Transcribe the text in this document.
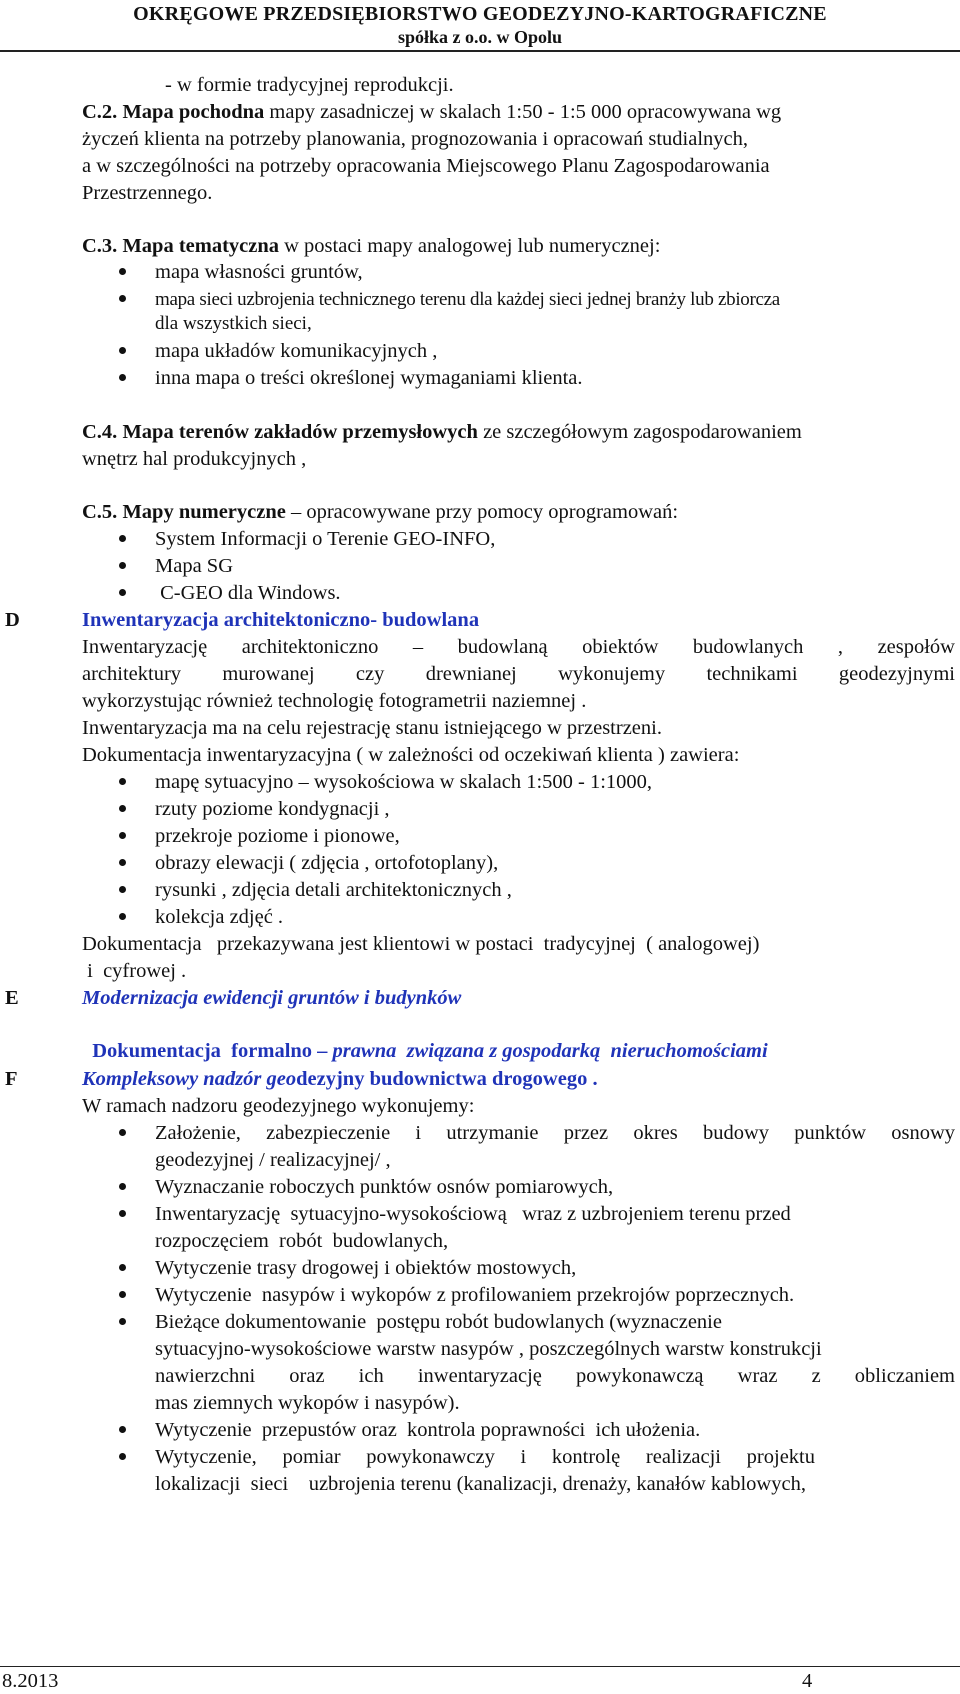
OKRĘGOWE PRZEDSIĘBIORSTWO GEODEZYJNO-KARTOGRAFICZNE
spółka z o.o. w Opolu
- w formie tradycyjnej reprodukcji.
C.2. Mapa pochodna mapy zasadniczej w skalach 1:50 - 1:5 000 opracowywana wg
życzeń klienta na potrzeby planowania, prognozowania i opracowań studialnych,
a w szczególności na potrzeby opracowania Miejscowego Planu Zagospodarowania
Przestrzennego.
C.3. Mapa tematyczna w postaci mapy analogowej lub numerycznej:
mapa własności gruntów,
mapa sieci uzbrojenia technicznego terenu dla każdej sieci jednej branży lub zbiorcza
dla wszystkich sieci,
mapa układów komunikacyjnych ,
inna mapa o treści określonej wymaganiami klienta.
C.4. Mapa terenów zakładów przemysłowych ze szczegółowym zagospodarowaniem
wnętrz hal produkcyjnych ,
C.5. Mapy numeryczne – opracowywane przy pomocy oprogramowań:
System Informacji o Terenie GEO-INFO,
Mapa SG
C-GEO dla Windows.
D	Inwentaryzacja architektoniczno- budowlana
Inwentaryzację architektoniczno – budowlaną obiektów budowlanych , zespołów
architektury murowanej czy drewnianej wykonujemy technikami geodezyjnymi
wykorzystując również technologię fotogrametrii naziemnej .
Inwentaryzacja ma na celu rejestrację stanu istniejącego w przestrzeni.
Dokumentacja inwentaryzacyjna ( w zależności od oczekiwań klienta ) zawiera:
mapę sytuacyjno – wysokościowa w skalach 1:500 - 1:1000,
rzuty poziome kondygnacji ,
przekroje poziome i pionowe,
obrazy elewacji ( zdjęcia , ortofotoplany),
rysunki , zdjęcia detali architektonicznych ,
kolekcja zdjęć .
Dokumentacja   przekazywana jest klientowi w postaci  tradycyjnej  ( analogowej)
i  cyfrowej .
E	Modernizacja ewidencji gruntów i budynków

Dokumentacja  formalno – prawna  związana z gospodarką  nieruchomościami

F	Kompleksowy nadzór geodezyjny budownictwa drogowego .
W ramach nadzoru geodezyjnego wykonujemy:
Założenie, zabezpieczenie i utrzymanie przez okres budowy punktów osnowy
geodezyjnej / realizacyjnej/ ,
Wyznaczanie roboczych punktów osnów pomiarowych,
Inwentaryzację  sytuacyjno-wysokościową   wraz z uzbrojeniem terenu przed
rozpoczęciem  robót  budowlanych,
Wytyczenie trasy drogowej i obiektów mostowych,
Wytyczenie  nasypów i wykopów z profilowaniem przekrojów poprzecznych.
Bieżące dokumentowanie  postępu robót budowlanych (wyznaczenie
sytuacyjno-wysokościowe warstw nasypów , poszczególnych warstw konstrukcji
nawierzchni oraz ich inwentaryzację powykonawczą wraz z obliczaniem
mas ziemnych wykopów i nasypów).
Wytyczenie  przepustów oraz  kontrola poprawności  ich ułożenia.
Wytyczenie, pomiar powykonawczy i kontrolę realizacji projektu
lokalizacji  sieci    uzbrojenia terenu (kanalizacji, drenaży, kanałów kablowych,
8.2013	4
